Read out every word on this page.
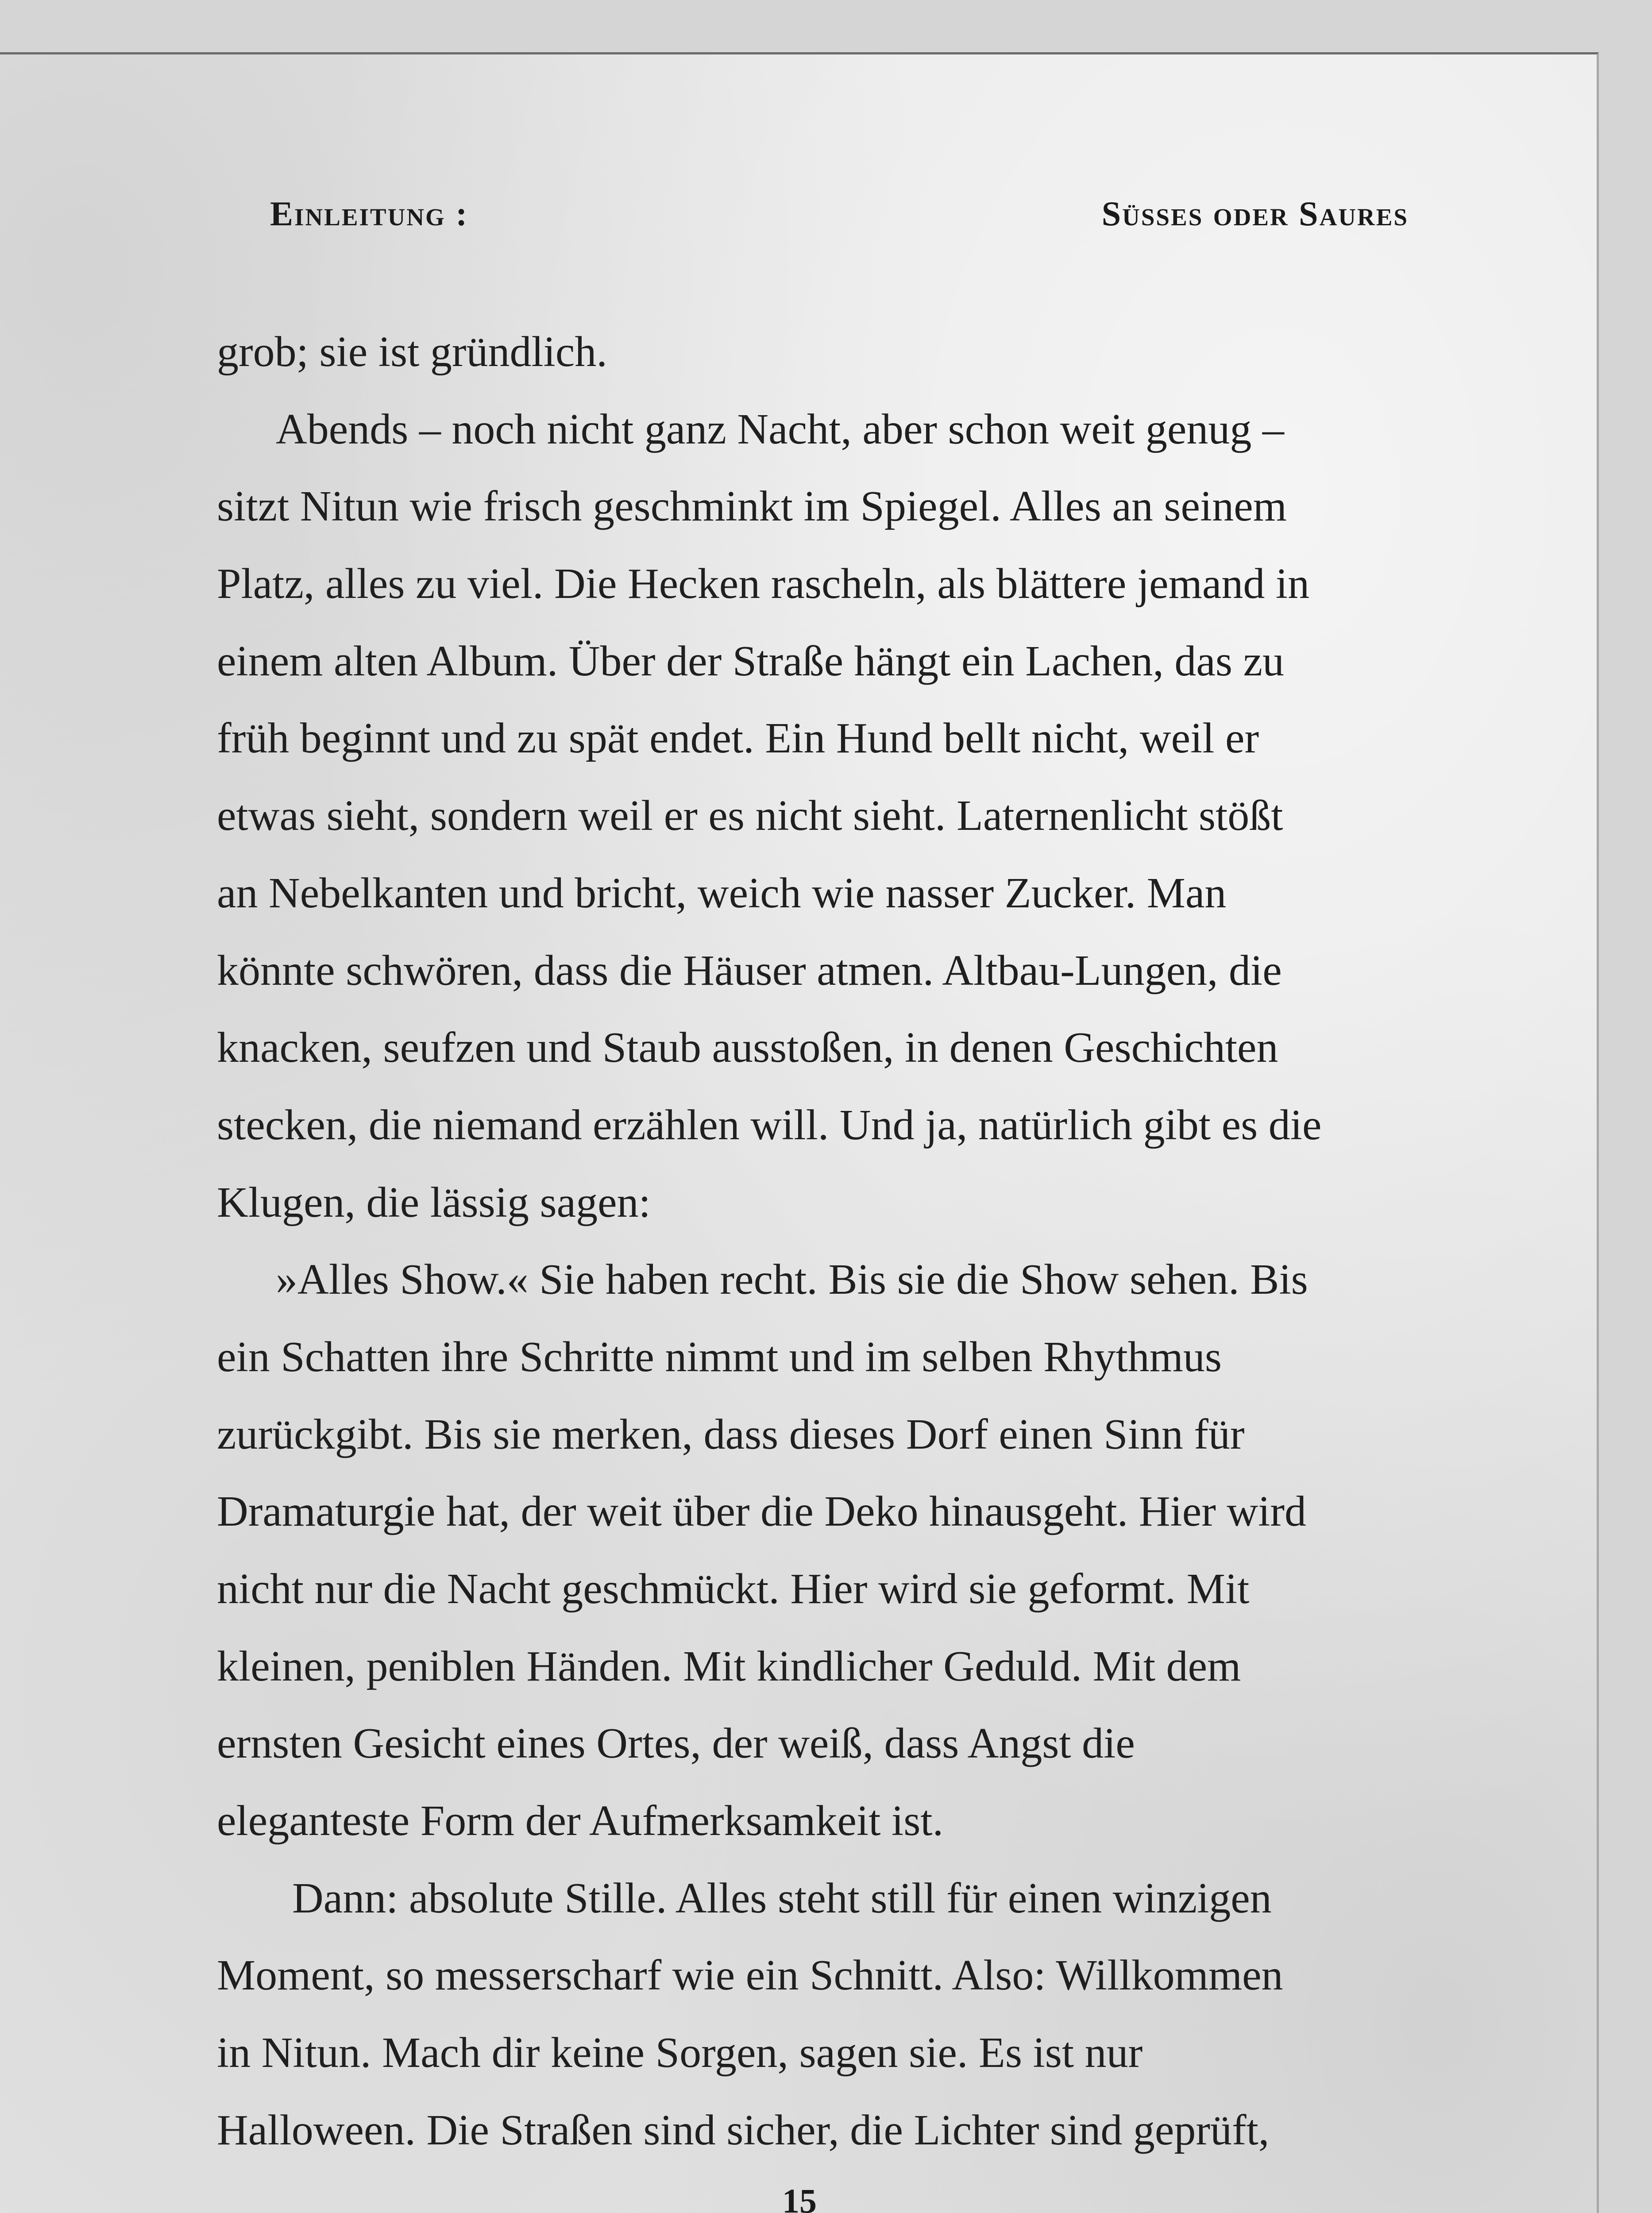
Einleitung :	Süsses oder Saures
grob; sie ist gründlich.
Abends – noch nicht ganz Nacht, aber schon weit genug –
sitzt Nitun wie frisch geschminkt im Spiegel. Alles an seinem
Platz, alles zu viel. Die Hecken rascheln, als blättere jemand in
einem alten Album. Über der Straße hängt ein Lachen, das zu
früh beginnt und zu spät endet. Ein Hund bellt nicht, weil er
etwas sieht, sondern weil er es nicht sieht. Laternenlicht stößt
an Nebelkanten und bricht, weich wie nasser Zucker. Man
könnte schwören, dass die Häuser atmen. Altbau-Lungen, die
knacken, seufzen und Staub ausstoßen, in denen Geschichten
stecken, die niemand erzählen will. Und ja, natürlich gibt es die
Klugen, die lässig sagen:
»Alles Show.« Sie haben recht. Bis sie die Show sehen. Bis
ein Schatten ihre Schritte nimmt und im selben Rhythmus
zurückgibt. Bis sie merken, dass dieses Dorf einen Sinn für
Dramaturgie hat, der weit über die Deko hinausgeht. Hier wird
nicht nur die Nacht geschmückt. Hier wird sie geformt. Mit
kleinen, peniblen Händen. Mit kindlicher Geduld. Mit dem
ernsten Gesicht eines Ortes, der weiß, dass Angst die
eleganteste Form der Aufmerksamkeit ist.
Dann: absolute Stille. Alles steht still für einen winzigen
Moment, so messerscharf wie ein Schnitt. Also: Willkommen
in Nitun. Mach dir keine Sorgen, sagen sie. Es ist nur
Halloween. Die Straßen sind sicher, die Lichter sind geprüft,
15
